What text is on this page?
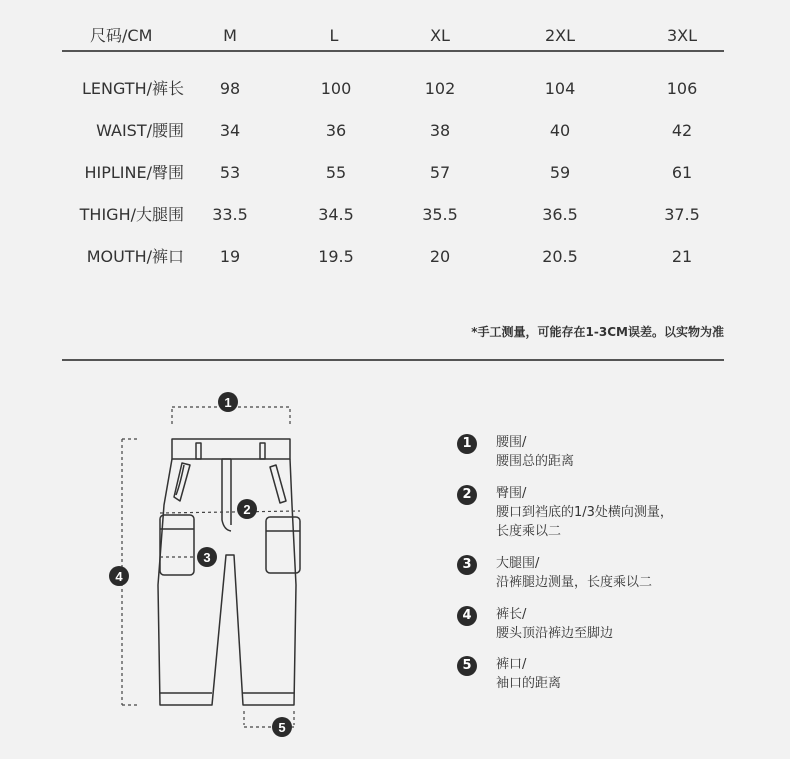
尺码/CM	M	L	XL	2XL	3XL
LENGTH/裤长	98	100	102	104	106
WAIST/腰围	34	36	38	40	42
HIPLINE/臀围	53	55	57	59	61
THIGH/大腿围	33.5	34.5	35.5	36.5	37.5
MOUTH/裤口	19	19.5	20	20.5	21
*手工测量，可能存在1-3CM误差。以实物为准
1
2
3
4
5
1	腰围/
腰围总的距离
2	臀围/
腰口到裆底的1/3处横向测量，
长度乘以二
3	大腿围/
沿裤腿边测量，长度乘以二
4	裤长/
腰头顶沿裤边至脚边
5	裤口/
袖口的距离
